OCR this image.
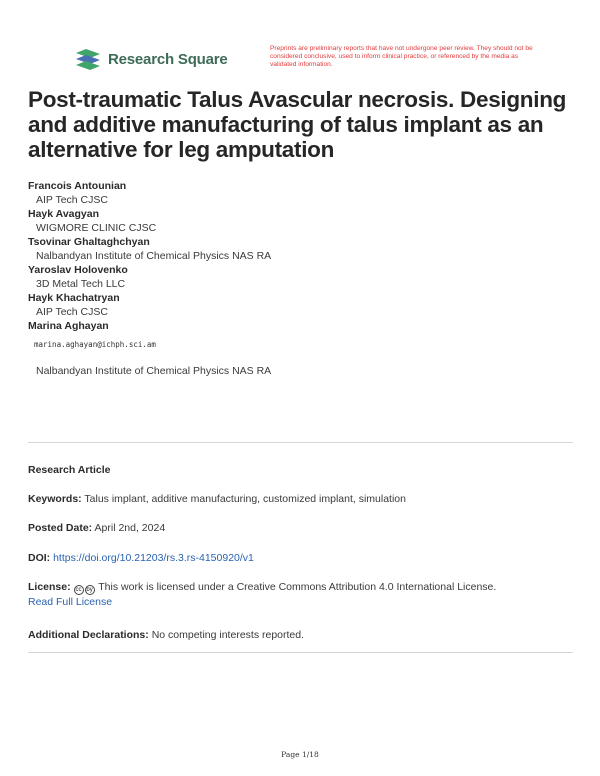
Research Square
Preprints are preliminary reports that have not undergone peer review. They should not be considered conclusive, used to inform clinical practice, or referenced by the media as validated information.
Post-traumatic Talus Avascular necrosis. Designing and additive manufacturing of talus implant as an alternative for leg amputation
Francois Antounian
AIP Tech CJSC
Hayk Avagyan
WIGMORE CLINIC CJSC
Tsovinar Ghaltaghchyan
Nalbandyan Institute of Chemical Physics NAS RA
Yaroslav Holovenko
3D Metal Tech LLC
Hayk Khachatryan
AIP Tech CJSC
Marina Aghayan
marina.aghayan@ichph.sci.am
Nalbandyan Institute of Chemical Physics NAS RA
Research Article
Keywords: Talus implant, additive manufacturing, customized implant, simulation
Posted Date: April 2nd, 2024
DOI: https://doi.org/10.21203/rs.3.rs-4150920/v1
License: cc by This work is licensed under a Creative Commons Attribution 4.0 International License.
Read Full License
Additional Declarations: No competing interests reported.
Page 1/18
